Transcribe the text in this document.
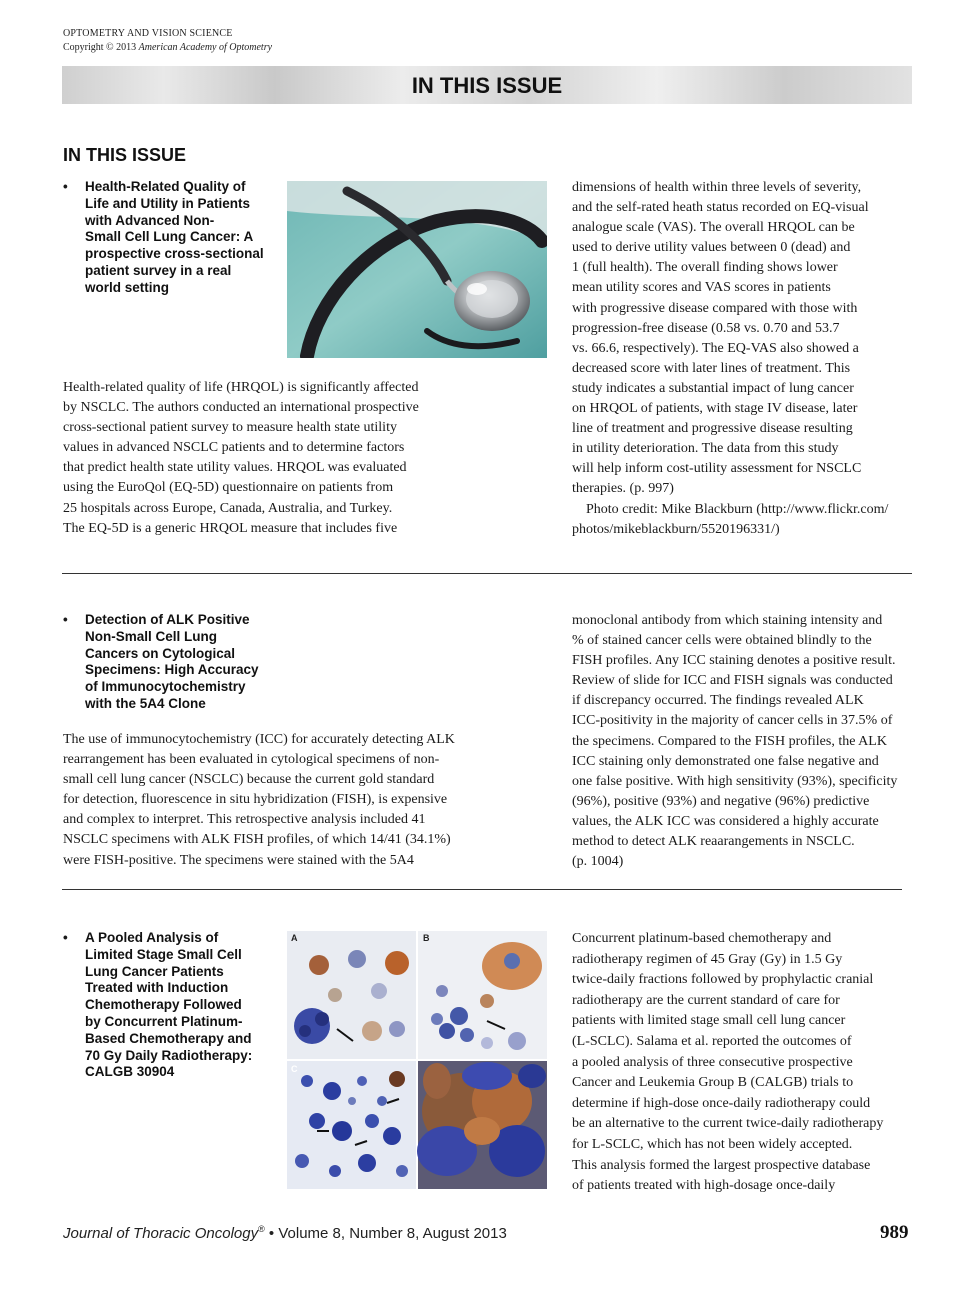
OPTOMETRY AND VISION SCIENCE
Copyright © 2013 American Academy of Optometry
IN THIS ISSUE
IN THIS ISSUE
• Health-Related Quality of
Life and Utility in Patients
with Advanced Non-
Small Cell Lung Cancer: A
prospective cross-sectional
patient survey in a real
world setting

Health-related quality of life (HRQOL) is significantly affected

by NSCLC. The authors conducted an international prospective

cross-sectional patient survey to measure health state utility

values in advanced NSCLC patients and to determine factors

that predict health state utility values. HRQOL was evaluated

using the EuroQol (EQ-5D) questionnaire on patients from

25 hospitals across Europe, Canada, Australia, and Turkey.

The EQ-5D is a generic HRQOL measure that includes five

dimensions of health within three levels of severity,

and the self-rated heath status recorded on EQ-visual

analogue scale (VAS). The overall HRQOL can be

used to derive utility values between 0 (dead) and

1 (full health). The overall finding shows lower

mean utility scores and VAS scores in patients

with progressive disease compared with those with

progression-free disease (0.58 vs. 0.70 and 53.7

vs. 66.6, respectively). The EQ-VAS also showed a

decreased score with later lines of treatment. This

study indicates a substantial impact of lung cancer

on HRQOL of patients, with stage IV disease, later

line of treatment and progressive disease resulting

in utility deterioration. The data from this study

will help inform cost-utility assessment for NSCLC

therapies. (p. 997)

Photo credit: Mike Blackburn (http://www.flickr.com/

photos/mikeblackburn/5520196331/)

• Detection of ALK Positive
Non-Small Cell Lung
Cancers on Cytological
Specimens: High Accuracy
of Immunocytochemistry
with the 5A4 Clone

The use of immunocytochemistry (ICC) for accurately detecting ALK

rearrangement has been evaluated in cytological specimens of non-

small cell lung cancer (NSCLC) because the current gold standard

for detection, fluorescence in situ hybridization (FISH), is expensive

and complex to interpret. This retrospective analysis included 41

NSCLC specimens with ALK FISH profiles, of which 14/41 (34.1%)

were FISH-positive. The specimens were stained with the 5A4

monoclonal antibody from which staining intensity and

% of stained cancer cells were obtained blindly to the

FISH profiles. Any ICC staining denotes a positive result.

Review of slide for ICC and FISH signals was conducted

if discrepancy occurred. The findings revealed ALK

ICC-positivity in the majority of cancer cells in 37.5% of

the specimens. Compared to the FISH profiles, the ALK

ICC staining only demonstrated one false negative and

one false positive. With high sensitivity (93%), specificity

(96%), positive (93%) and negative (96%) predictive

values, the ALK ICC was considered a highly accurate

method to detect ALK reaarangements in NSCLC.

(p. 1004)

• A Pooled Analysis of
Limited Stage Small Cell
Lung Cancer Patients
Treated with Induction
Chemotherapy Followed
by Concurrent Platinum-
Based Chemotherapy and
70 Gy Daily Radiotherapy:
CALGB 30904
A	B
C

Concurrent platinum-based chemotherapy and

radiotherapy regimen of 45 Gray (Gy) in 1.5 Gy

twice-daily fractions followed by prophylactic cranial

radiotherapy are the current standard of care for

patients with limited stage small cell lung cancer

(L-SCLC). Salama et al. reported the outcomes of

a pooled analysis of three consecutive prospective

Cancer and Leukemia Group B (CALGB) trials to

determine if high-dose once-daily radiotherapy could

be an alternative to the current twice-daily radiotherapy

for L-SCLC, which has not been widely accepted.

This analysis formed the largest prospective database

of patients treated with high-dosage once-daily

Journal of Thoracic Oncology® • Volume 8, Number 8, August 2013	989
